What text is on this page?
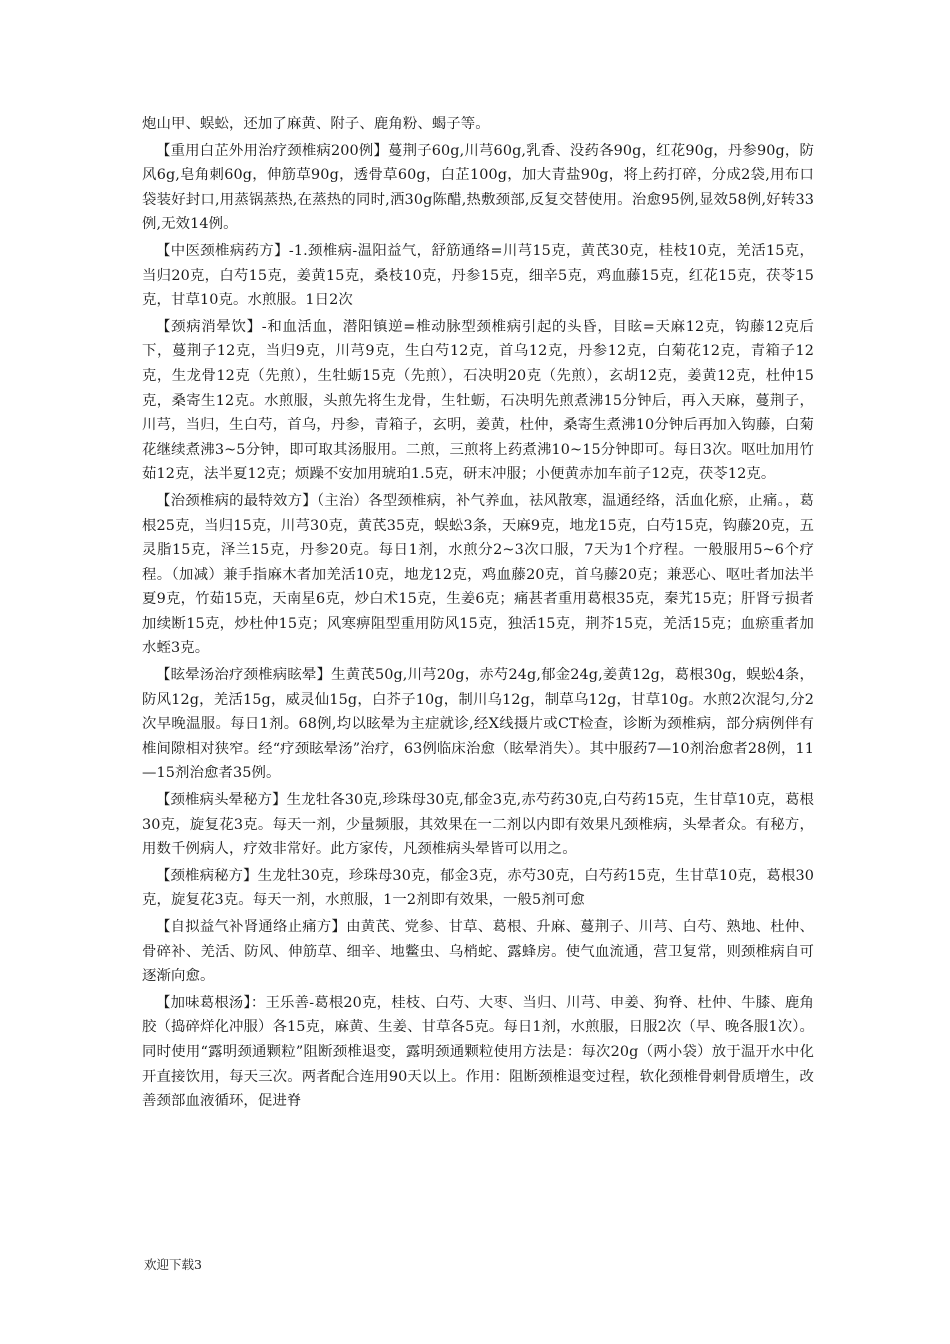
炮山甲、蜈蚣，还加了麻黄、附子、鹿角粉、蝎子等。

【重用白芷外用治疗颈椎病200例】蔓荆子60g,川芎60g,乳香、没药各90g，红花90g，丹参90g，防风6g,皂角刺60g，伸筋草90g，透骨草60g，白芷100g，加大青盐90g，将上药打碎，分成2袋,用布口袋装好封口,用蒸锅蒸热,在蒸热的同时,洒30g陈醋,热敷颈部,反复交替使用。治愈95例,显效58例,好转33例,无效14例。

【中医颈椎病药方】-1.颈椎病-温阳益气，舒筋通络=川芎15克，黄芪30克，桂枝10克，羌活15克，当归20克，白芍15克，姜黄15克，桑枝10克，丹参15克，细辛5克，鸡血藤15克，红花15克，茯苓15克，甘草10克。水煎服。1日2次

【颈病消晕饮】-和血活血，潜阳镇逆=椎动脉型颈椎病引起的头昏，目眩=天麻12克，钩藤12克后下，蔓荆子12克，当归9克，川芎9克，生白芍12克，首乌12克，丹参12克，白菊花12克，青箱子12克，生龙骨12克（先煎），生牡蛎15克（先煎），石决明20克（先煎），玄胡12克，姜黄12克，杜仲15克，桑寄生12克。水煎服，头煎先将生龙骨，生牡蛎，石决明先煎煮沸15分钟后，再入天麻，蔓荆子，川芎，当归，生白芍，首乌，丹参，青箱子，玄明，姜黄，杜仲，桑寄生煮沸10分钟后再加入钩藤，白菊花继续煮沸3~5分钟，即可取其汤服用。二煎，三煎将上药煮沸10~15分钟即可。每日3次。呕吐加用竹茹12克，法半夏12克；烦躁不安加用琥珀1.5克，研末冲服；小便黄赤加车前子12克，茯苓12克。

【治颈椎病的最特效方】（主治）各型颈椎病，补气养血，祛风散寒，温通经络，活血化瘀，止痛。，葛根25克，当归15克，川芎30克，黄芪35克，蜈蚣3条，天麻9克，地龙15克，白芍15克，钩藤20克，五灵脂15克，泽兰15克，丹参20克。每日1剂，水煎分2~3次口服，7天为1个疗程。一般服用5~6个疗程。（加减）兼手指麻木者加羌活10克，地龙12克，鸡血藤20克，首乌藤20克；兼恶心、呕吐者加法半夏9克，竹茹15克，天南星6克，炒白术15克，生姜6克；痛甚者重用葛根35克，秦艽15克；肝肾亏损者加续断15克，炒杜仲15克；风寒痹阻型重用防风15克，独活15克，荆芥15克，羌活15克；血瘀重者加水蛭3克。

【眩晕汤治疗颈椎病眩晕】生黄芪50g,川芎20g，赤芍24g,郁金24g,姜黄12g，葛根30g，蜈蚣4条，防风12g，羌活15g，威灵仙15g，白芥子10g，制川乌12g，制草乌12g，甘草10g。水煎2次混匀,分2次早晚温服。每日1剂。68例,均以眩晕为主症就诊,经X线摄片或CT检查，诊断为颈椎病，部分病例伴有椎间隙相对狭窄。经“疗颈眩晕汤”治疗，63例临床治愈（眩晕消失）。其中服药7—10剂治愈者28例，11—15剂治愈者35例。

【颈椎病头晕秘方】生龙牡各30克,珍珠母30克,郁金3克,赤芍药30克,白芍药15克，生甘草10克，葛根30克，旋复花3克。每天一剂，少量频服，其效果在一二剂以内即有效果凡颈椎病，头晕者众。有秘方，用数千例病人，疗效非常好。此方家传，凡颈椎病头晕皆可以用之。

【颈椎病秘方】生龙牡30克，珍珠母30克，郁金3克，赤芍30克，白芍药15克，生甘草10克，葛根30克，旋复花3克。每天一剂，水煎服，1一2剂即有效果，一般5剂可愈

【自拟益气补肾通络止痛方】由黄芪、党参、甘草、葛根、升麻、蔓荆子、川芎、白芍、熟地、杜仲、骨碎补、羌活、防风、伸筋草、细辛、地鳖虫、乌梢蛇、露蜂房。使气血流通，营卫复常，则颈椎病自可逐渐向愈。

【加味葛根汤】：王乐善-葛根20克，桂枝、白芍、大枣、当归、川芎、申姜、狗脊、杜仲、牛膝、鹿角胶（捣碎烊化冲服）各15克，麻黄、生姜、甘草各5克。每日1剂，水煎服，日服2次（早、晚各服1次）。同时使用“露明颈通颗粒”阻断颈椎退变，露明颈通颗粒使用方法是：每次20g（两小袋）放于温开水中化开直接饮用，每天三次。两者配合连用90天以上。作用：阻断颈椎退变过程，软化颈椎骨刺骨质增生，改善颈部血液循环，促进脊

欢迎下载3
